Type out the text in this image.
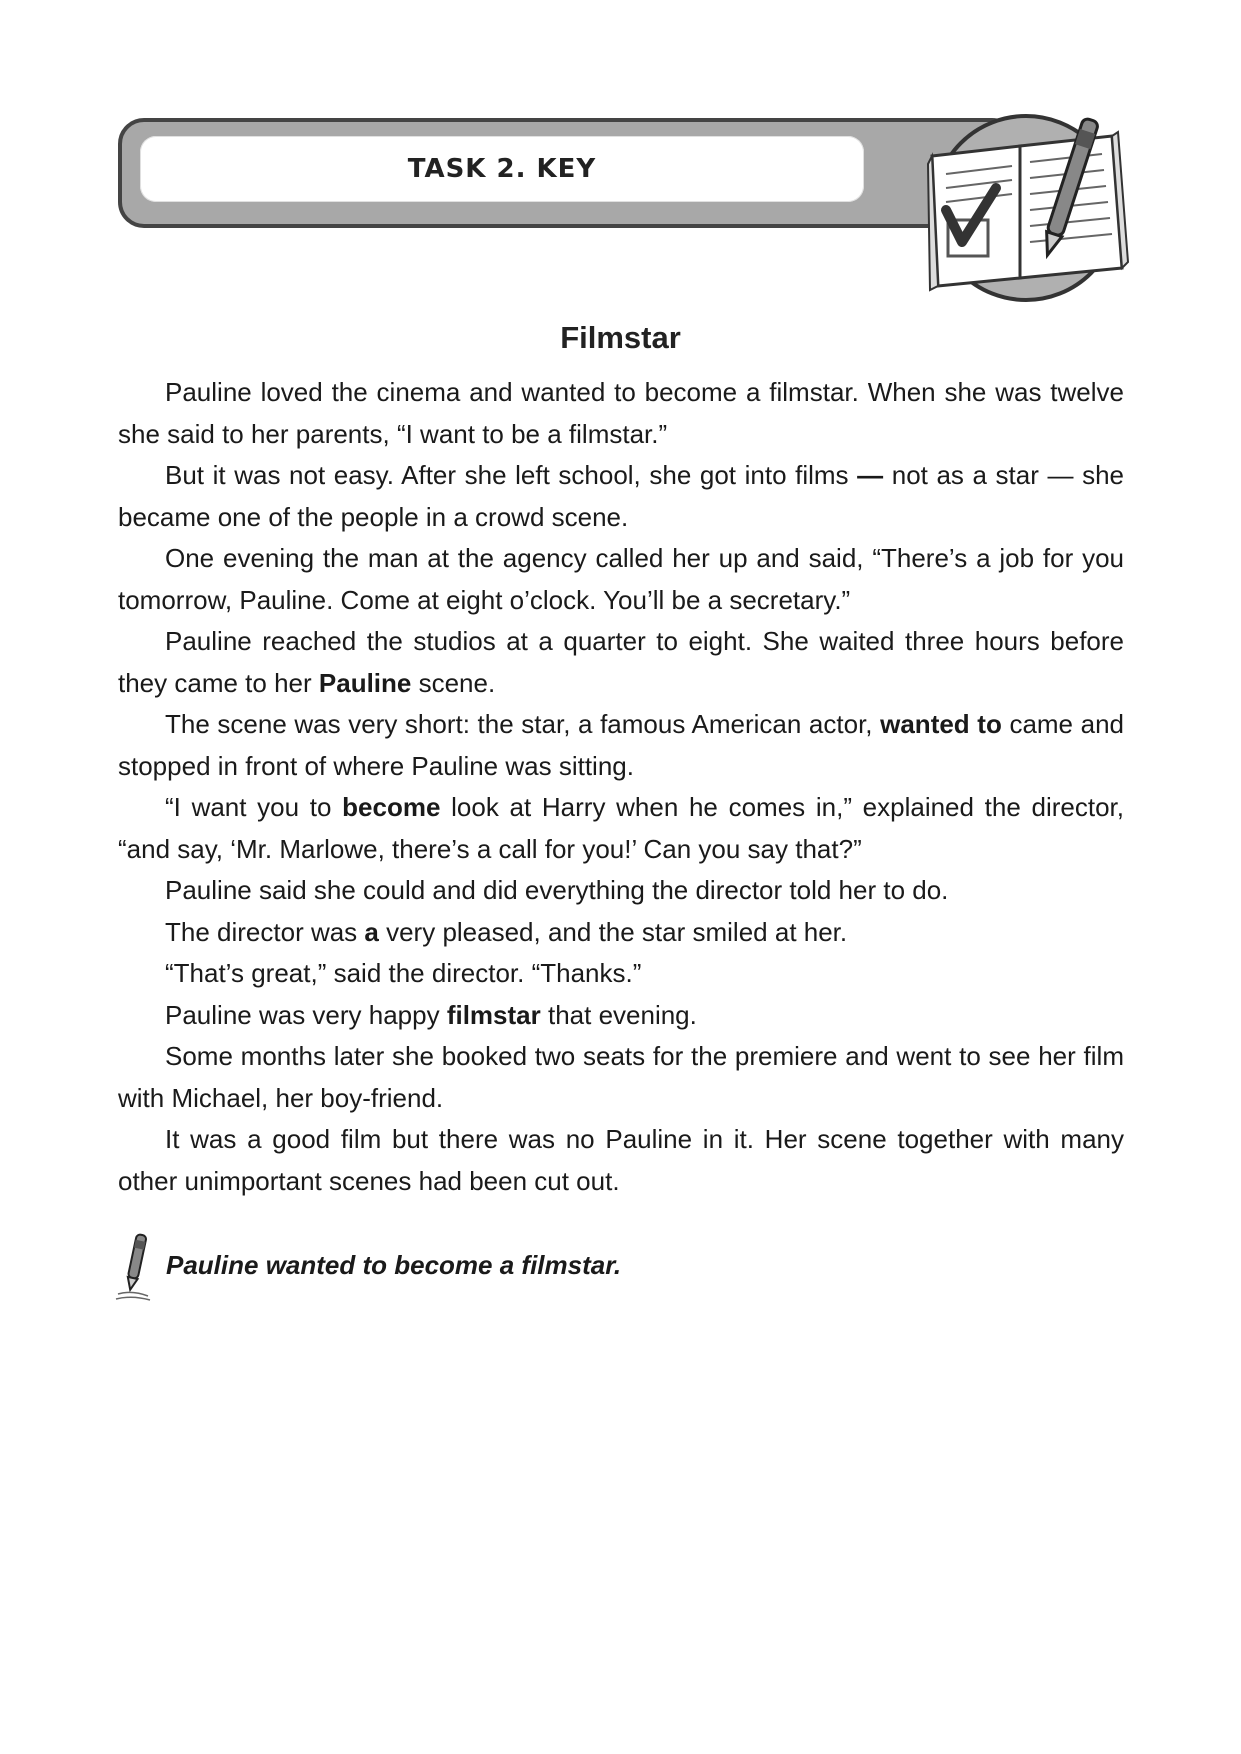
TASK 2. KEY
Filmstar

Pauline loved the cinema and wanted to become a filmstar. When she was twelve she said to her parents, “I want to be a filmstar.”

But it was not easy. After she left school, she got into films — not as a star — she became one of the people in a crowd scene.

One evening the man at the agency called her up and said, “There’s a job for you tomorrow, Pauline. Come at eight o’clock. You’ll be a secretary.”

Pauline reached the studios at a quarter to eight. She waited three hours before they came to her Pauline scene.

The scene was very short: the star, a famous American actor, wanted to came and stopped in front of where Pauline was sitting.

“I want you to become look at Harry when he comes in,” explained the director, “and say, ‘Mr. Marlowe, there’s a call for you!’ Can you say that?”

Pauline said she could and did everything the director told her to do.

The director was a very pleased, and the star smiled at her.

“That’s great,” said the director. “Thanks.”

Pauline was very happy filmstar that evening.

Some months later she booked two seats for the premiere and went to see her film with Michael, her boy-friend.

It was a good film but there was no Pauline in it. Her scene together with many other unimportant scenes had been cut out.

Pauline wanted to become a filmstar.
